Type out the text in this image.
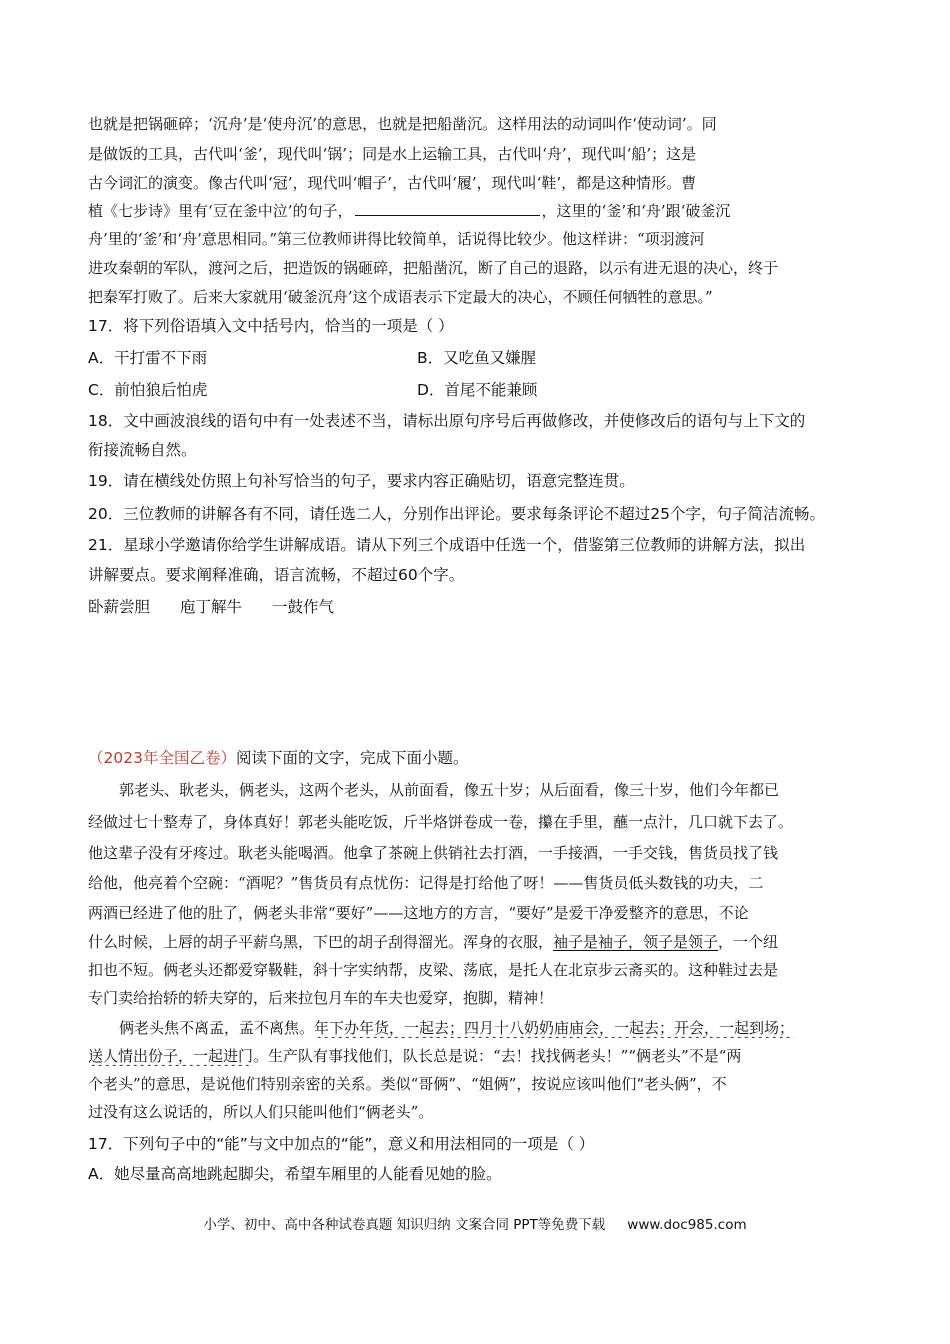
也就是把锅砸碎；‘沉舟’是‘使舟沉’的意思，也就是把船凿沉。这样用法的动词叫作‘使动词’。同
是做饭的工具，古代叫‘釜’，现代叫‘锅’；同是水上运输工具，古代叫‘舟’，现代叫‘船’；这是
古今词汇的演变。像古代叫‘冠’，现代叫‘帽子’，古代叫‘履’，现代叫‘鞋’，都是这种情形。曹
植《七步诗》里有‘豆在釜中泣’的句子，	，这里的‘釜’和‘舟’跟‘破釜沉
舟’里的‘釜’和‘舟’意思相同。”第三位教师讲得比较简单，话说得比较少。他这样讲：“项羽渡河
进攻秦朝的军队，渡河之后，把造饭的锅砸碎，把船凿沉，断了自己的退路，以示有进无退的决心，终于
把秦军打败了。后来大家就用‘破釜沉舟’这个成语表示下定最大的决心，不顾任何牺牲的意思。”
17．将下列俗语填入文中括号内，恰当的一项是（ ）
A．干打雷不下雨	B．又吃鱼又嫌腥
C．前怕狼后怕虎	D．首尾不能兼顾
18．文中画波浪线的语句中有一处表述不当，请标出原句序号后再做修改，并使修改后的语句与上下文的
衔接流畅自然。
19．请在横线处仿照上句补写恰当的句子，要求内容正确贴切，语意完整连贯。
20．三位教师的讲解各有不同，请任选二人，分别作出评论。要求每条评论不超过25个字，句子简洁流畅。
21．星球小学邀请你给学生讲解成语。请从下列三个成语中任选一个，借鉴第三位教师的讲解方法，拟出
讲解要点。要求阐释准确，语言流畅，不超过60个字。
卧薪尝胆 庖丁解牛 一鼓作气
（2023年全国乙卷）阅读下面的文字，完成下面小题。
郭老头、耿老头，俩老头，这两个老头，从前面看，像五十岁；从后面看，像三十岁，他们今年都已
经做过七十整寿了，身体真好！郭老头能吃饭，斤半烙饼卷成一卷，攥在手里，蘸一点汁，几口就下去了。
他这辈子没有牙疼过。耿老头能喝酒。他拿了茶碗上供销社去打酒，一手接酒，一手交钱，售货员找了钱
给他，他亮着个空碗：“酒呢？”售货员有点忧伤：记得是打给他了呀！——售货员低头数钱的功夫，二
两酒已经进了他的肚了，俩老头非常“要好”——这地方的方言，“要好”是爱干净爱整齐的意思，不论
什么时候，上唇的胡子平薪乌黑，下巴的胡子刮得溜光。浑身的衣服，袖子是袖子，领子是领子，一个纽
扣也不短。俩老头还都爱穿靸鞋，斜十字实纳帮，皮梁、荡底，是托人在北京步云斋买的。这种鞋过去是
专门卖给抬轿的轿夫穿的，后来拉包月车的车夫也爱穿，抱脚，精神！
俩老头焦不离孟，孟不离焦。年下办年货，一起去；四月十八奶奶庙庙会，一起去；开会，一起到场；
送人情出份子，一起进门。生产队有事找他们，队长总是说：“去！找找俩老头！”“俩老头”不是“两
个老头”的意思，是说他们特别亲密的关系。类似“哥俩”、“姐俩”，按说应该叫他们“老头俩”，不
过没有这么说话的，所以人们只能叫他们“俩老头”。
17．下列句子中的“能”与文中加点的“能”，意义和用法相同的一项是（ ）
A．她尽量高高地跳起脚尖，希望车厢里的人能看见她的脸。
小学、初中、高中各种试卷真题 知识归纳 文案合同 PPT等免费下载 www.doc985.com
